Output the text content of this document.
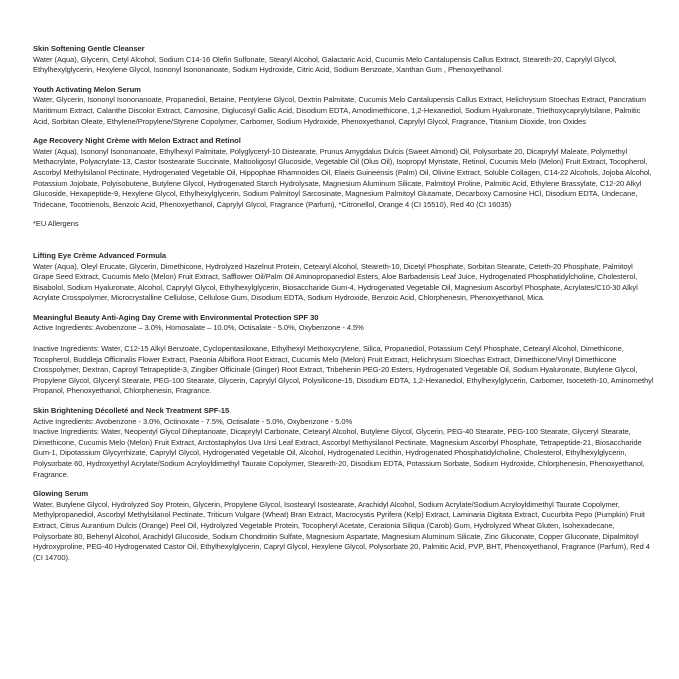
Skin Softening Gentle Cleanser

Water (Aqua), Glycerin, Cetyl Alcohol, Sodium C14-16 Olefin Sulfonate, Stearyl Alcohol, Galactaric Acid, Cucumis Melo Cantalupensis Callus Extract, Steareth-20, Caprylyl Glycol, Ethylhexylglycerin, Hexylene Glycol, Isononyl Isononanoate, Sodium Hydroxide, Citric Acid, Sodium Benzoate, Xanthan Gum , Phenoxyethanol.

Youth Activating Melon Serum

Water, Glycerin, Isononyl Isononanoate, Propanediol, Betaine, Pentylene Glycol, Dextrin Palmitate, Cucumis Melo Cantalupensis Callus Extract, Helichrysum Stoechas Extract, Pancratium Maritimum Extract, Calanthe Discolor Extract, Carnosine, Diglucosyl Gallic Acid, Disodium EDTA, Amodimethicone, 1,2-Hexanediol, Sodium Hyaluronate, Triethoxycaprylylsilane, Palmitic Acid, Sorbitan Oleate, Ethylene/Propylene/Styrene Copolymer, Carbomer, Sodium Hydroxide, Phenoxyethanol, Caprylyl Glycol, Fragrance, Titanium Dioxide, Iron Oxides

Age Recovery Night Crème with Melon Extract and Retinol

Water (Aqua), Isononyl Isononanoate, Ethylhexyl Palmitate, Polyglyceryl-10 Distearate, Prunus Amygdalus Dulcis (Sweet Almond) Oil, Polysorbate 20, Dicaprylyl Maleate, Polymethyl Methacrylate, Polyacrylate-13, Castor Isostearate Succinate, Maltooligosyl Glucoside, Vegetable Oil (Olus Oil), Isopropyl Myristate, Retinol, Cucumis Melo (Melon) Fruit Extract, Tocopherol, Ascorbyl Methylsilanol Pectinate, Hydrogenated Vegetable Oil, Hippophae Rhamnoides Oil, Elaeis Guineensis (Palm) Oil, Olivine Extract, Soluble Collagen, C14-22 Alcohols, Jojoba Alcohol, Potassium Jojobate, Polyisobutene, Butylene Glycol, Hydrogenated Starch Hydrolysate, Magnesium Aluminum Silicate, Palmitoyl Proline, Palmitic Acid, Ethylene Brassylate, C12-20 Alkyl Glucoside, Hexapeptide-9, Hexylene Glycol, Ethylhexylglycerin, Sodium Palmitoyl Sarcosinate, Magnesium Palmitoyl Glutamate, Decarboxy Carnosine HCl, Disodium EDTA, Undecane, Tridecane, Tocotrienols, Benzoic Acid, Phenoxyethanol, Caprylyl Glycol, Fragrance (Parfum), *Citronellol, Orange 4 (CI 15510), Red 40 (CI 16035)

*EU Allergens

Lifting Eye Crème Advanced Formula

Water (Aqua), Oleyl Erucate, Glycerin, Dimethicone, Hydrolyzed Hazelnut Protein, Cetearyl Alcohol, Steareth-10, Dicetyl Phosphate, Sorbitan Stearate, Ceteth-20 Phosphate, Palmitoyl Grape Seed Extract, Cucumis Melo (Melon) Fruit Extract, Safflower Oil/Palm Oil Aminopropanediol Esters, Aloe Barbadensis Leaf Juice, Hydrogenated Phosphatidylcholine, Cholesterol, Bisabolol, Sodium Hyaluronate, Alcohol, Caprylyl Glycol, Ethylhexylglycerin, Biosaccharide Gum-4, Hydrogenated Vegetable Oil, Magnesium Ascorbyl Phosphate, Acrylates/C10-30 Alkyl Acrylate Crosspolymer, Microcrystalline Cellulose, Cellulose Gum, Disodium EDTA, Sodium Hydroxide, Benzoic Acid, Chlorphenesin, Phenoxyethanol, Mica.

Meaningful Beauty Anti-Aging Day Creme with Environmental Protection SPF 30

Active Ingredients: Avobenzone – 3.0%, Homosalate – 10.0%, Octisalate - 5.0%, Oxybenzone - 4.5%

Inactive Ingredients: Water, C12-15 Alkyl Benzoate, Cyclopentasiloxane, Ethylhexyl Methoxycrylene, Silica, Propanediol, Potassium Cetyl Phosphate, Cetearyl Alcohol, Dimethicone, Tocopherol, Buddleja Officinalis Flower Extract, Paeonia Albiflora Root Extract, Cucumis Melo (Melon) Fruit Extract, Helichrysum Stoechas Extract, Dimethicone/Vinyl Dimethicone Crosspolymer, Dextran, Caproyl Tetrapeptide-3, Zingiber Officinale (Ginger) Root Extract, Tribehenin PEG-20 Esters, Hydrogenated Vegetable Oil, Sodium Hyaluronate, Butylene Glycol, Propylene Glycol, Glyceryl Stearate, PEG-100 Stearate, Glycerin, Caprylyl Glycol, Polysilicone-15, Disodium EDTA, 1,2-Hexanediol, Ethylhexylglycerin, Carbomer, Isoceteth-10, Aminomethyl Propanol, Phenoxyethanol, Chlorphenesin, Fragrance.

Skin Brightening Décolleté and Neck Treatment SPF-15

Active Ingredients: Avobenzone - 3.0%, Octinoxate - 7.5%, Octisalate - 5.0%, Oxybenzone - 5.0%

Inactive Ingredients: Water, Neopentyl Glycol Diheptanoate, Dicaprylyl Carbonate, Cetearyl Alcohol, Butylene Glycol, Glycerin, PEG-40 Stearate, PEG-100 Stearate, Glyceryl Stearate, Dimethicone, Cucumis Melo (Melon) Fruit Extract, Arctostaphylos Uva Ursi Leaf Extract, Ascorbyl Methysilanol Pectinate, Magnesium Ascorbyl Phosphate, Tetrapeptide-21, Biosaccharide Gum-1, Dipotassium Glycyrrhizate, Caprylyl Glycol, Hydrogenated Vegetable Oil, Alcohol, Hydrogenated Lecithin, Hydrogenated Phosphatidylcholine, Cholesterol, Ethylhexylglycerin, Polysorbate 60, Hydroxyethyl Acrylate/Sodium Acryloyldimethyl Taurate Copolymer, Steareth-20, Disodium EDTA, Potassium Sorbate, Sodium Hydroxide, Chlorphenesin, Phenoxyethanol, Fragrance.

Glowing Serum

Water, Butylene Glycol, Hydrolyzed Soy Protein, Glycerin, Propylene Glycol, Isostearyl Isostearate, Arachidyl Alcohol, Sodium Acrylate/Sodium Acryloyldimethyl Taurate Copolymer, Methylpropanediol, Ascorbyl Methylsilanol Pectinate, Triticum Vulgare (Wheat) Bran Extract, Macrocystis Pyrifera (Kelp) Extract, Laminaria Digitata Extract, Cucurbita Pepo (Pumpkin) Fruit Extract, Citrus Aurantium Dulcis (Orange) Peel Oil, Hydrolyzed Vegetable Protein, Tocopheryl Acetate, Ceratonia Siliqua (Carob) Gum, Hydrolyzed Wheat Gluten, Isohexadecane, Polysorbate 80, Behenyl Alcohol, Arachidyl Glucoside, Sodium Chondroitin Sulfate, Magnesium Aspartate, Magnesium Aluminum Silicate, Zinc Gluconate, Copper Gluconate, Dipalmitoyl Hydroxyproline, PEG-40 Hydrogenated Castor Oil, Ethylhexylglycerin, Capryl Glycol, Hexylene Glycol, Polysorbate 20, Palmitic Acid, PVP, BHT, Phenoxyethanol, Fragrance (Parfum), Red 4 (CI 14700).
